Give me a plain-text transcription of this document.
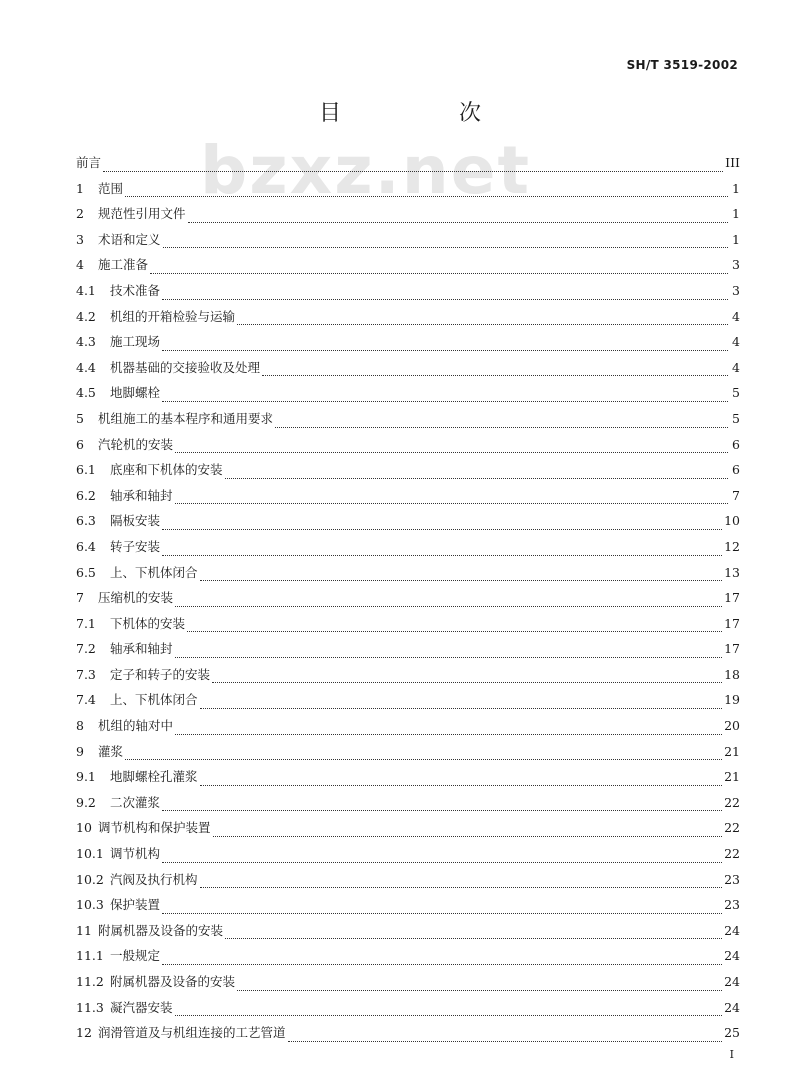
SH/T 3519-2002
bzxz.net
目	次
前言	III
1	范围	1
2	规范性引用文件	1
3	术语和定义	1
4	施工准备	3
4.1	技术准备	3
4.2	机组的开箱检验与运输	4
4.3	施工现场	4
4.4	机器基础的交接验收及处理	4
4.5	地脚螺栓	5
5	机组施工的基本程序和通用要求	5
6	汽轮机的安装	6
6.1	底座和下机体的安装	6
6.2	轴承和轴封	7
6.3	隔板安装	10
6.4	转子安装	12
6.5	上、下机体闭合	13
7	压缩机的安装	17
7.1	下机体的安装	17
7.2	轴承和轴封	17
7.3	定子和转子的安装	18
7.4	上、下机体闭合	19
8	机组的轴对中	20
9	灌浆	21
9.1	地脚螺栓孔灌浆	21
9.2	二次灌浆	22
10 调节机构和保护装置	22
10.1 调节机构	22
10.2 汽阀及执行机构	23
10.3 保护装置	23
11 附属机器及设备的安装	24
11.1 一般规定	24
11.2 附属机器及设备的安装	24
11.3 凝汽器安装	24
12 润滑管道及与机组连接的工艺管道	25
I
